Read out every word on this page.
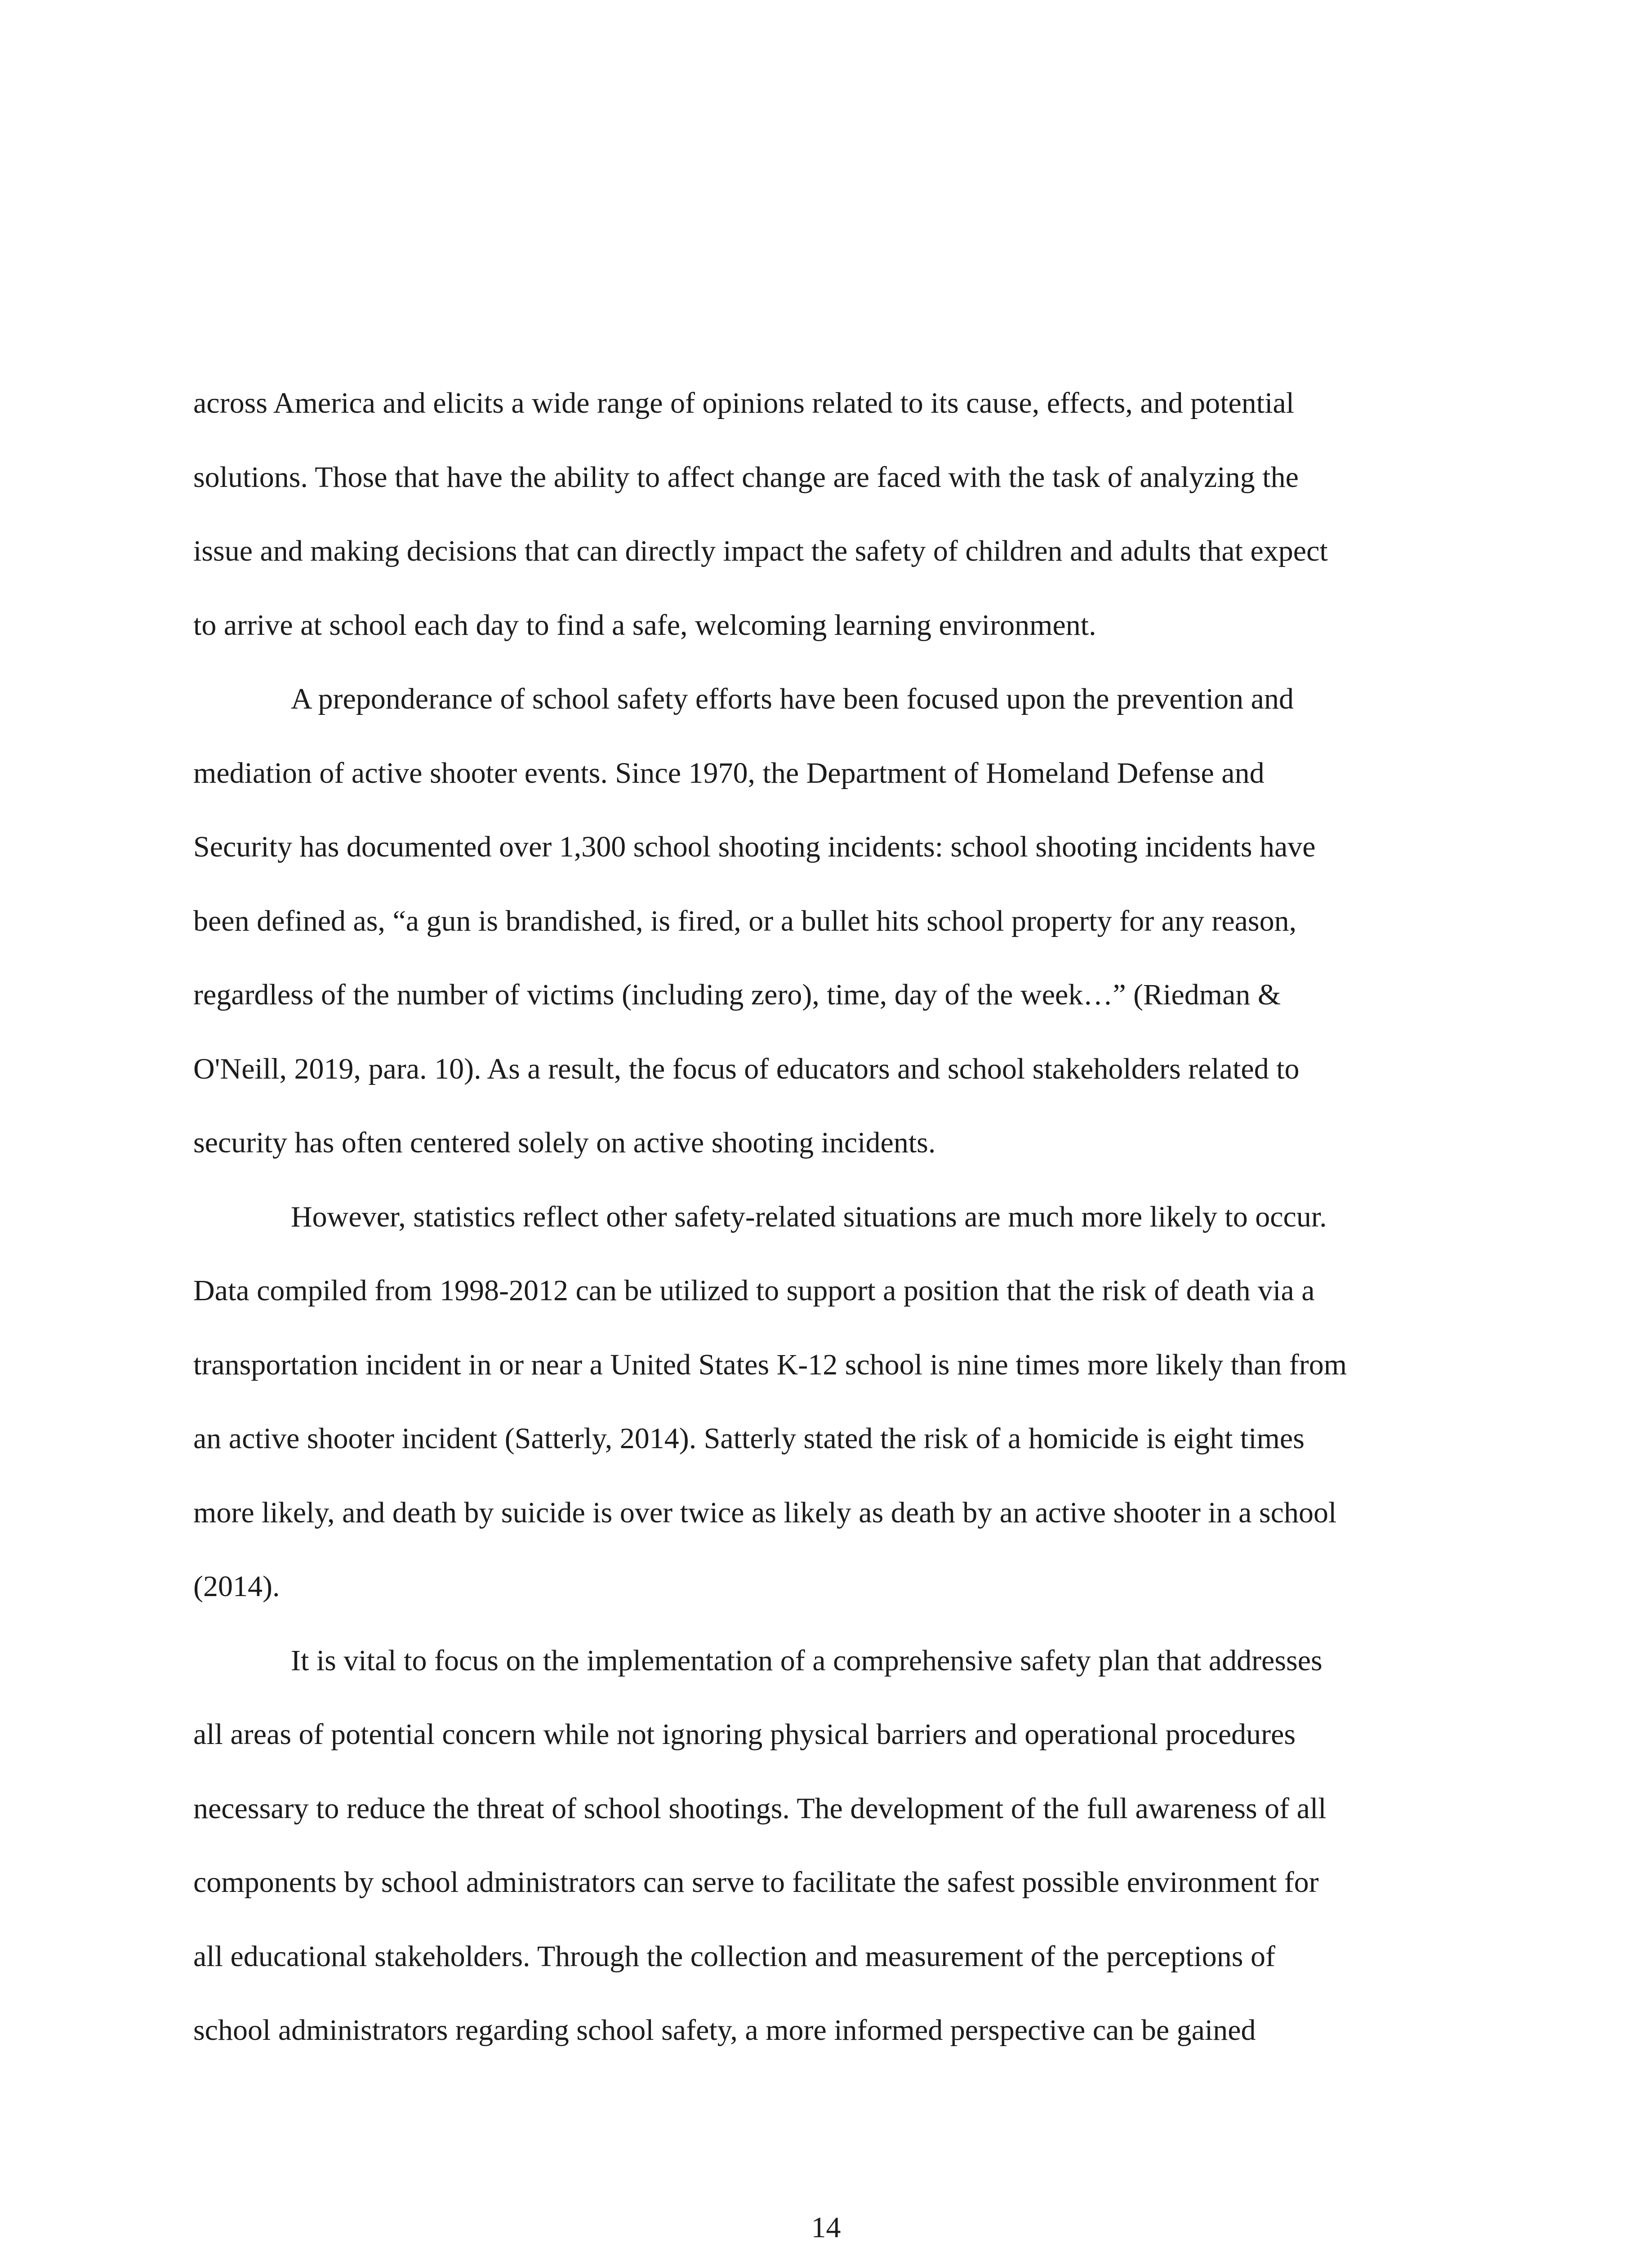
across America and elicits a wide range of opinions related to its cause, effects, and potential
solutions. Those that have the ability to affect change are faced with the task of analyzing the
issue and making decisions that can directly impact the safety of children and adults that expect
to arrive at school each day to find a safe, welcoming learning environment.

A preponderance of school safety efforts have been focused upon the prevention and
mediation of active shooter events. Since 1970, the Department of Homeland Defense and
Security has documented over 1,300 school shooting incidents: school shooting incidents have
been defined as, “a gun is brandished, is fired, or a bullet hits school property for any reason,
regardless of the number of victims (including zero), time, day of the week…” (Riedman &
O'Neill, 2019, para. 10). As a result, the focus of educators and school stakeholders related to
security has often centered solely on active shooting incidents.

However, statistics reflect other safety-related situations are much more likely to occur.
Data compiled from 1998-2012 can be utilized to support a position that the risk of death via a
transportation incident in or near a United States K-12 school is nine times more likely than from
an active shooter incident (Satterly, 2014). Satterly stated the risk of a homicide is eight times
more likely, and death by suicide is over twice as likely as death by an active shooter in a school
(2014).

It is vital to focus on the implementation of a comprehensive safety plan that addresses
all areas of potential concern while not ignoring physical barriers and operational procedures
necessary to reduce the threat of school shootings. The development of the full awareness of all
components by school administrators can serve to facilitate the safest possible environment for
all educational stakeholders. Through the collection and measurement of the perceptions of
school administrators regarding school safety, a more informed perspective can be gained

14
